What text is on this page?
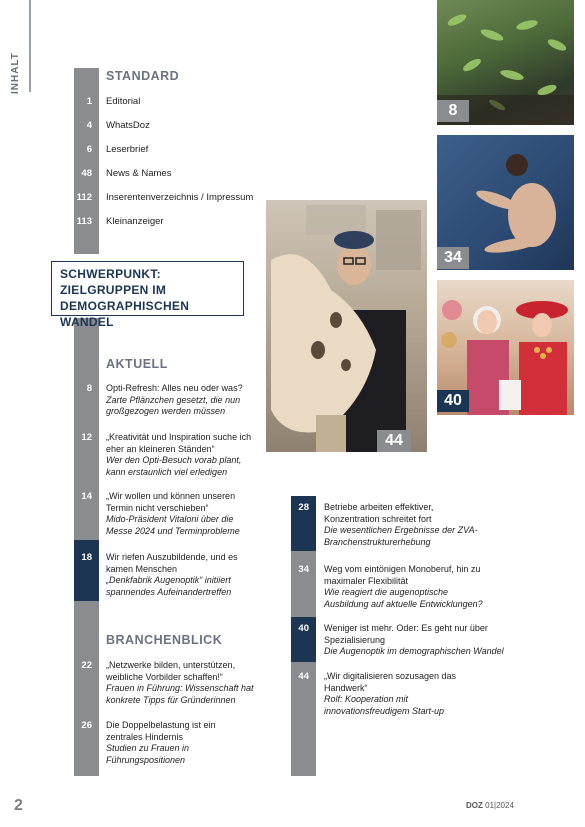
INHALT	STANDARD
1 Editorial
4 WhatsDoz
6 Leserbrief
48 News & Names
112 Inserentenverzeichnis / Impressum
113 Kleinanzeiger
SCHWERPUNKT: ZIELGRUPPEN IM DEMOGRAPHISCHEN WANDEL
AKTUELL
8 Opti-Refresh: Alles neu oder was?
Zarte Pflänzchen gesetzt, die nun großgezogen werden müssen
12 „Kreativität und Inspiration suche ich eher an kleineren Ständen“
Wer den Opti-Besuch vorab plant, kann erstaunlich viel erledigen
14 „Wir wollen und können unseren Termin nicht verschieben“
Mido-Präsident Vitaloni über die Messe 2024 und Terminprobleme
18 Wir riefen Auszubildende, und es kamen Menschen
„Denkfabrik Augenoptik“ initiiert spannendes Aufeinandertreffen
BRANCHENBLICK
22 „Netzwerke bilden, unterstützen, weibliche Vorbilder schaffen!“
Frauen in Führung: Wissenschaft hat konkrete Tipps für Gründerinnen
26 Die Doppelbelastung ist ein zentrales Hindernis
Studien zu Frauen in Führungspositionen
28 Betriebe arbeiten effektiver, Konzentration schreitet fort
Die wesentlichen Ergebnisse der ZVA-Branchenstrukturerhebung
34 Weg vom eintönigen Monoberuf, hin zu maximaler Flexibilität
Wie reagiert die augenoptische Ausbildung auf aktuelle Entwicklungen?
40 Weniger ist mehr. Oder: Es geht nur über Spezialisierung
Die Augenoptik im demographischen Wandel
44 „Wir digitalisieren sozusagen das Handwerk“
Rolf: Kooperation mit innovationsfreudigem Start-up
8
34
40
44
2	DOZ 01|2024
